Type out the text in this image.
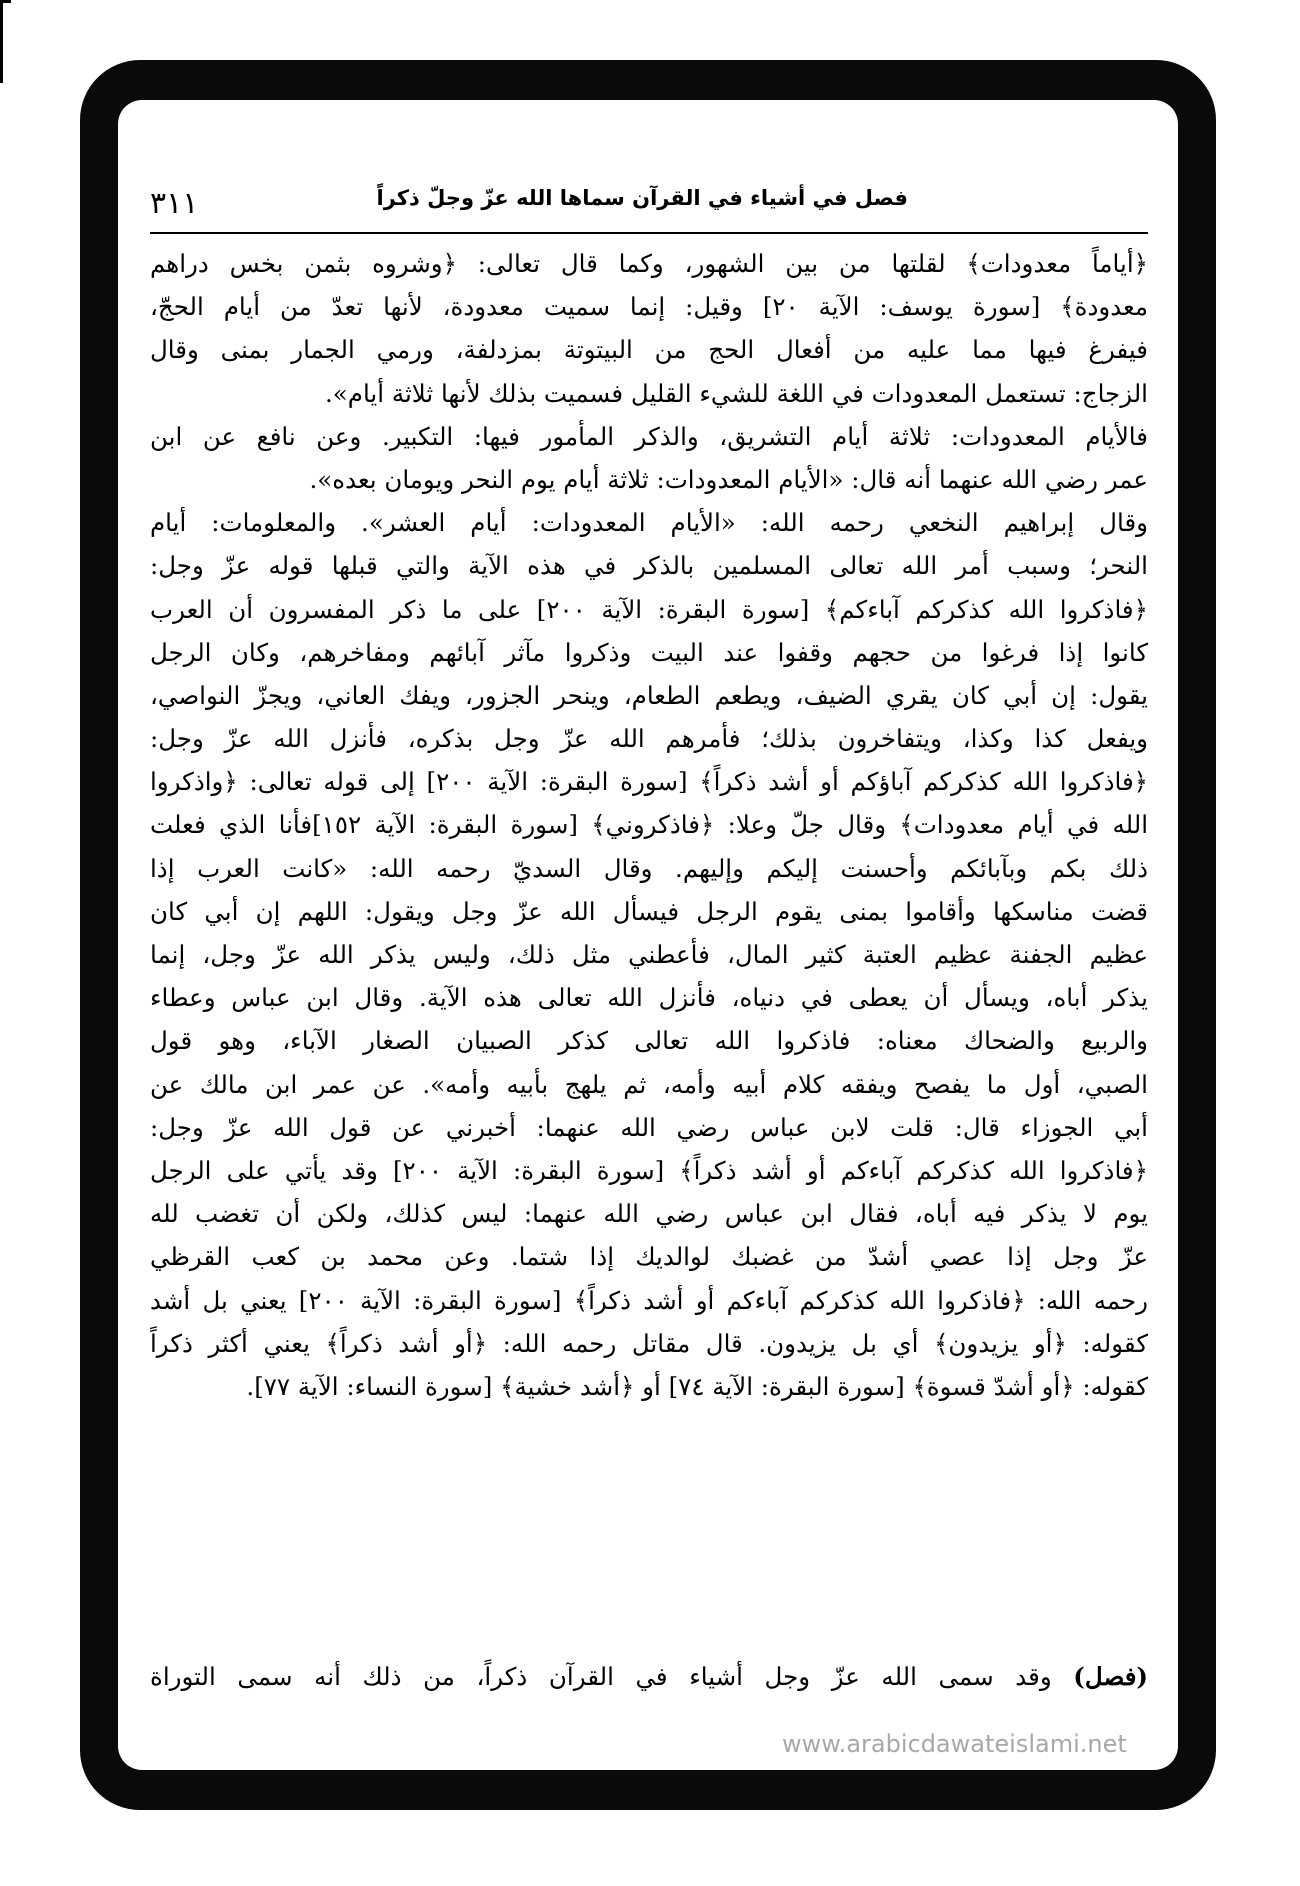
فصل في أشياء في القرآن سماها الله عزّ وجلّ ذكراً
٣١١
﴿أياماً معدودات﴾ لقلتها من بين الشهور، وكما قال تعالى: ﴿وشروه بثمن بخس دراهم
معدودة﴾ [سورة يوسف: الآية ٢٠] وقيل: إنما سميت معدودة، لأنها تعدّ من أيام الحجّ،
فيفرغ فيها مما عليه من أفعال الحج من البيتوتة بمزدلفة، ورمي الجمار بمنى وقال
الزجاج: تستعمل المعدودات في اللغة للشيء القليل فسميت بذلك لأنها ثلاثة أيام».
فالأيام المعدودات: ثلاثة أيام التشريق، والذكر المأمور فيها: التكبير. وعن نافع عن ابن
عمر رضي الله عنهما أنه قال: «الأيام المعدودات: ثلاثة أيام يوم النحر ويومان بعده».
وقال إبراهيم النخعي رحمه الله: «الأيام المعدودات: أيام العشر». والمعلومات: أيام
النحر؛ وسبب أمر الله تعالى المسلمين بالذكر في هذه الآية والتي قبلها قوله عزّ وجل:
﴿فاذكروا الله كذكركم آباءكم﴾ [سورة البقرة: الآية ٢٠٠] على ما ذكر المفسرون أن العرب
كانوا إذا فرغوا من حجهم وقفوا عند البيت وذكروا مآثر آبائهم ومفاخرهم، وكان الرجل
يقول: إن أبي كان يقري الضيف، ويطعم الطعام، وينحر الجزور، ويفك العاني، ويجزّ النواصي،
ويفعل كذا وكذا، ويتفاخرون بذلك؛ فأمرهم الله عزّ وجل بذكره، فأنزل الله عزّ وجل:
﴿فاذكروا الله كذكركم آباؤكم أو أشد ذكراً﴾ [سورة البقرة: الآية ٢٠٠] إلى قوله تعالى: ﴿واذكروا
الله في أيام معدودات﴾ وقال جلّ وعلا: ﴿فاذكروني﴾ [سورة البقرة: الآية ١٥٢]فأنا الذي فعلت
ذلك بكم وبآبائكم وأحسنت إليكم وإليهم. وقال السديّ رحمه الله: «كانت العرب إذا
قضت مناسكها وأقاموا بمنى يقوم الرجل فيسأل الله عزّ وجل ويقول: اللهم إن أبي كان
عظيم الجفنة عظيم العتبة كثير المال، فأعطني مثل ذلك، وليس يذكر الله عزّ وجل، إنما
يذكر أباه، ويسأل أن يعطى في دنياه، فأنزل الله تعالى هذه الآية. وقال ابن عباس وعطاء
والربيع والضحاك معناه: فاذكروا الله تعالى كذكر الصبيان الصغار الآباء، وهو قول
الصبي، أول ما يفصح ويفقه كلام أبيه وأمه، ثم يلهج بأبيه وأمه». عن عمر ابن مالك عن
أبي الجوزاء قال: قلت لابن عباس رضي الله عنهما: أخبرني عن قول الله عزّ وجل:
﴿فاذكروا الله كذكركم آباءكم أو أشد ذكراً﴾ [سورة البقرة: الآية ٢٠٠] وقد يأتي على الرجل
يوم لا يذكر فيه أباه، فقال ابن عباس رضي الله عنهما: ليس كذلك، ولكن أن تغضب لله
عزّ وجل إذا عصي أشدّ من غضبك لوالديك إذا شتما. وعن محمد بن كعب القرظي
رحمه الله: ﴿فاذكروا الله كذكركم آباءكم أو أشد ذكراً﴾ [سورة البقرة: الآية ٢٠٠] يعني بل أشد
كقوله: ﴿أو يزيدون﴾ أي بل يزيدون. قال مقاتل رحمه الله: ﴿أو أشد ذكراً﴾ يعني أكثر ذكراً
كقوله: ﴿أو أشدّ قسوة﴾ [سورة البقرة: الآية ٧٤] أو ﴿أشد خشية﴾ [سورة النساء: الآية ٧٧].
(فصل) وقد سمى الله عزّ وجل أشياء في القرآن ذكراً، من ذلك أنه سمى التوراة
www.arabicdawateislami.net
